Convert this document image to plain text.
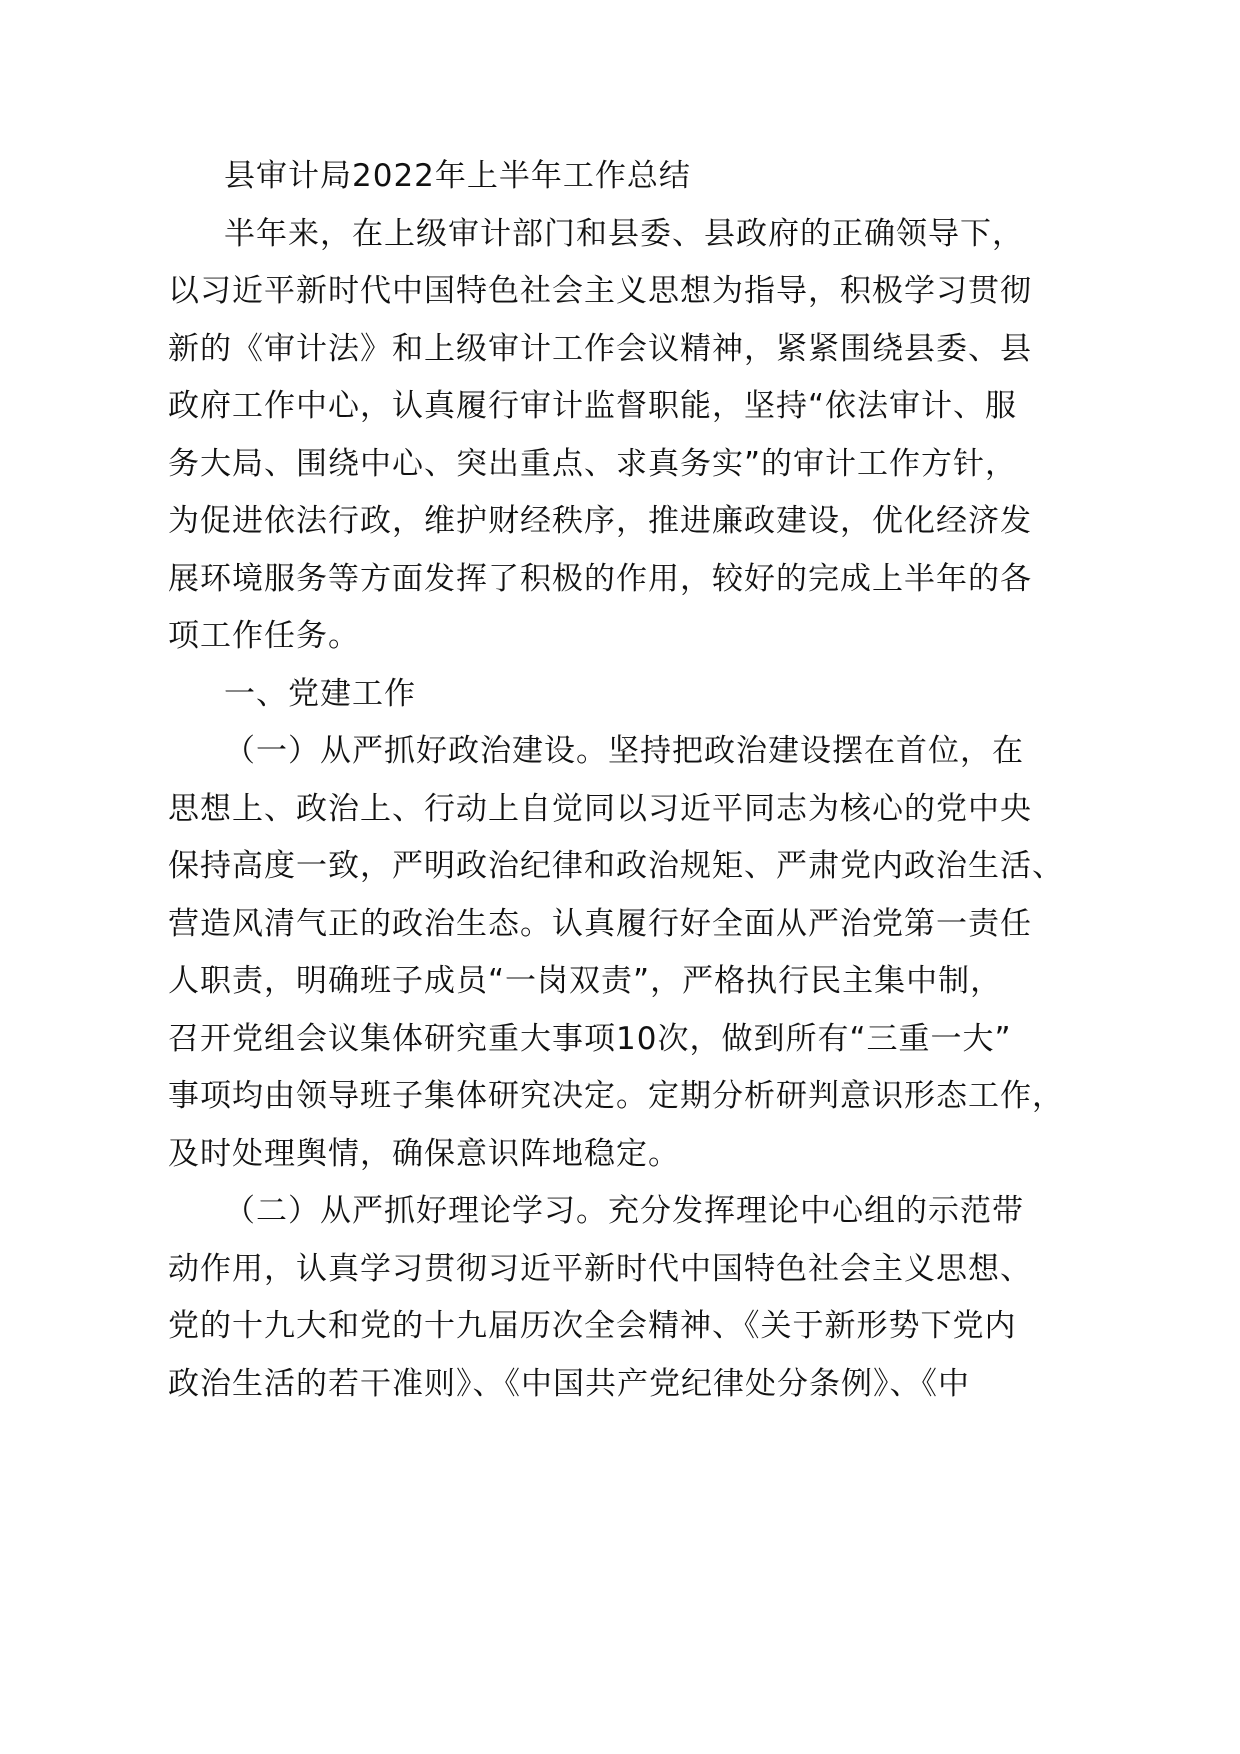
县审计局2022年上半年工作总结
半年来，在上级审计部门和县委、县政府的正确领导下，
以习近平新时代中国特色社会主义思想为指导，积极学习贯彻
新的《审计法》和上级审计工作会议精神，紧紧围绕县委、县
政府工作中心，认真履行审计监督职能，坚持“依法审计、服
务大局、围绕中心、突出重点、求真务实”的审计工作方针，
为促进依法行政，维护财经秩序，推进廉政建设，优化经济发
展环境服务等方面发挥了积极的作用，较好的完成上半年的各
项工作任务。
一、党建工作
（一）从严抓好政治建设。坚持把政治建设摆在首位，在
思想上、政治上、行动上自觉同以习近平同志为核心的党中央
保持高度一致，严明政治纪律和政治规矩、严肃党内政治生活、
营造风清气正的政治生态。认真履行好全面从严治党第一责任
人职责，明确班子成员“一岗双责”，严格执行民主集中制，
召开党组会议集体研究重大事项10次，做到所有“三重一大”
事项均由领导班子集体研究决定。定期分析研判意识形态工作，
及时处理舆情，确保意识阵地稳定。
（二）从严抓好理论学习。充分发挥理论中心组的示范带
动作用，认真学习贯彻习近平新时代中国特色社会主义思想、
党的十九大和党的十九届历次全会精神、《关于新形势下党内
政治生活的若干准则》、《中国共产党纪律处分条例》、《中
